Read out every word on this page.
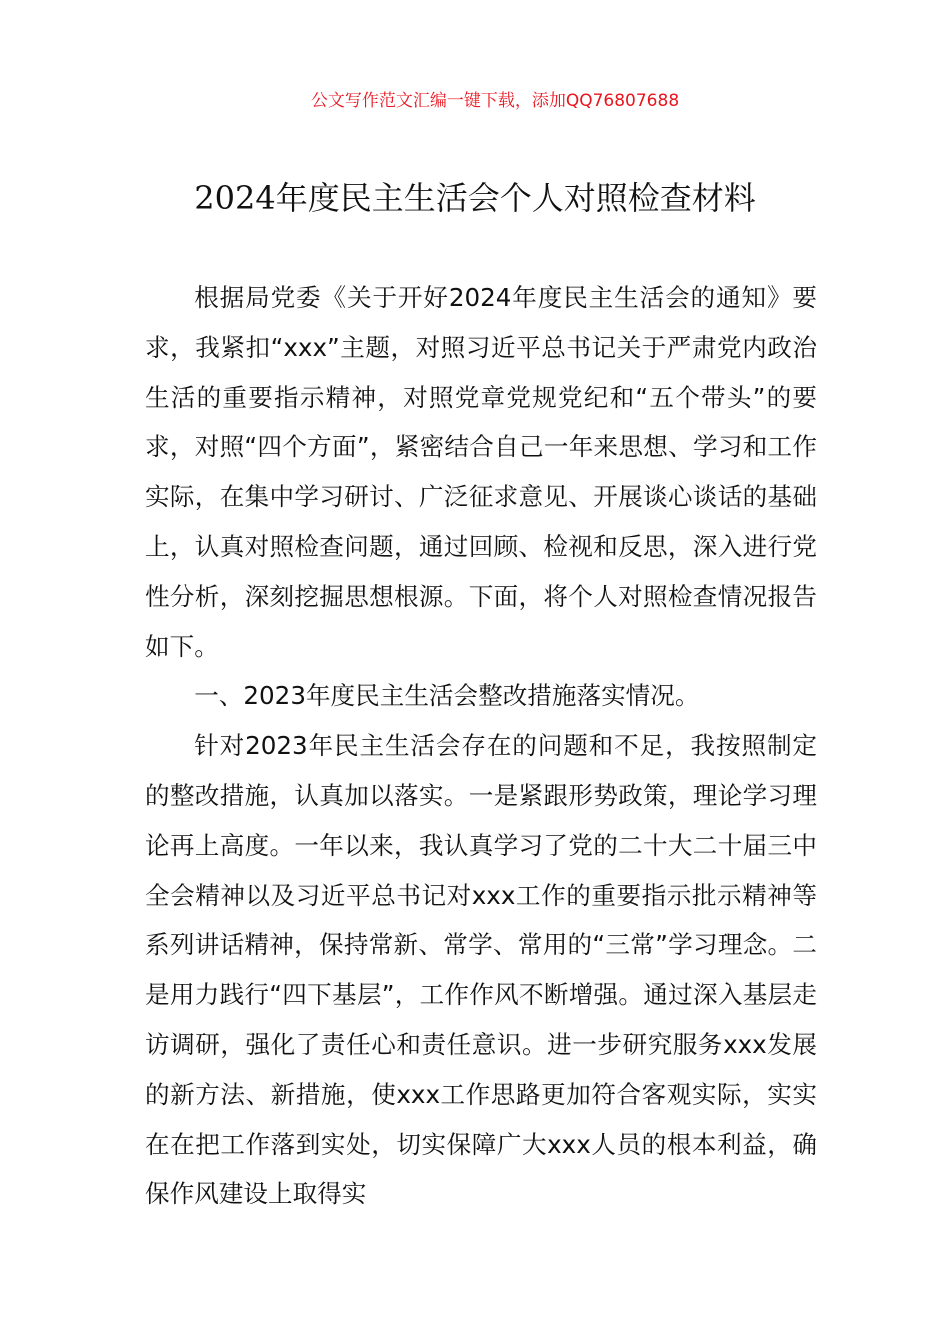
公文写作范文汇编一键下载，添加QQ76807688
2024年度民主生活会个人对照检查材料

根据局党委《关于开好2024年度民主生活会的通知》要求，我紧扣“xxx”主题，对照习近平总书记关于严肃党内政治生活的重要指示精神，对照党章党规党纪和“五个带头”的要求，对照“四个方面”，紧密结合自己一年来思想、学习和工作实际，在集中学习研讨、广泛征求意见、开展谈心谈话的基础上，认真对照检查问题，通过回顾、检视和反思，深入进行党性分析，深刻挖掘思想根源。下面，将个人对照检查情况报告如下。

一、2023年度民主生活会整改措施落实情况。

针对2023年民主生活会存在的问题和不足，我按照制定的整改措施，认真加以落实。一是紧跟形势政策，理论学习理论再上高度。一年以来，我认真学习了党的二十大二十届三中全会精神以及习近平总书记对xxx工作的重要指示批示精神等系列讲话精神，保持常新、常学、常用的“三常”学习理念。二是用力践行“四下基层”，工作作风不断增强。通过深入基层走访调研，强化了责任心和责任意识。进一步研究服务xxx发展的新方法、新措施，使xxx工作思路更加符合客观实际，实实在在把工作落到实处，切实保障广大xxx人员的根本利益，确保作风建设上取得实
